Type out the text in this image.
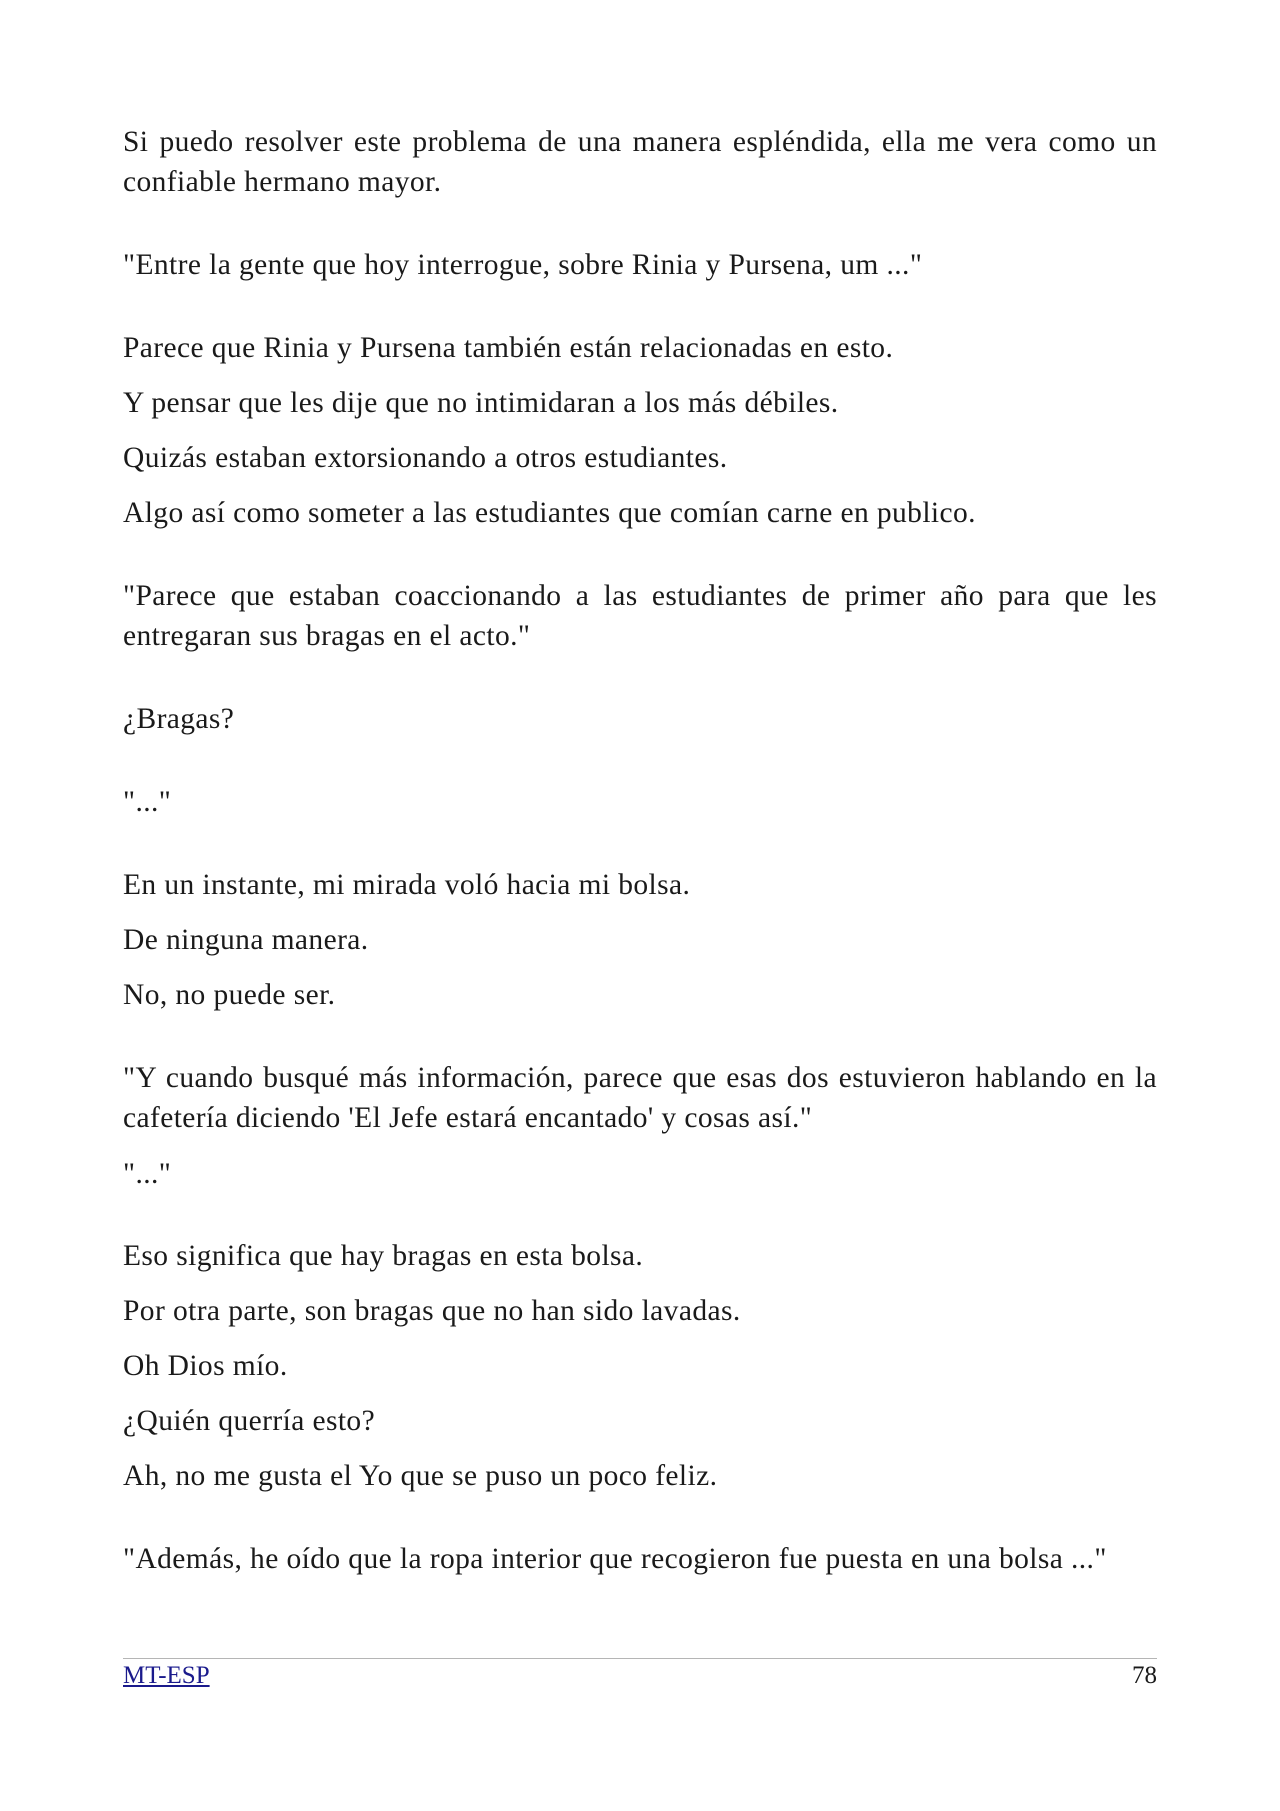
Si puedo resolver este problema de una manera espléndida, ella me vera como un confiable hermano mayor.

"Entre la gente que hoy interrogue, sobre Rinia y Pursena, um ..."

Parece que Rinia y Pursena también están relacionadas en esto.

Y pensar que les dije que no intimidaran a los más débiles.

Quizás estaban extorsionando a otros estudiantes.

Algo así como someter a las estudiantes que comían carne en publico.

"Parece que estaban coaccionando a las estudiantes de primer año para que les entregaran sus bragas en el acto."

¿Bragas?

"..."

En un instante, mi mirada voló hacia mi bolsa.

De ninguna manera.

No, no puede ser.

"Y cuando busqué más información, parece que esas dos estuvieron hablando en la cafetería diciendo 'El Jefe estará encantado' y cosas así."

"..."

Eso significa que hay bragas en esta bolsa.

Por otra parte, son bragas que no han sido lavadas.

Oh Dios mío.

¿Quién querría esto?

Ah, no me gusta el Yo que se puso un poco feliz.

"Además, he oído que la ropa interior que recogieron fue puesta en una bolsa ..."

MT-ESP	78
